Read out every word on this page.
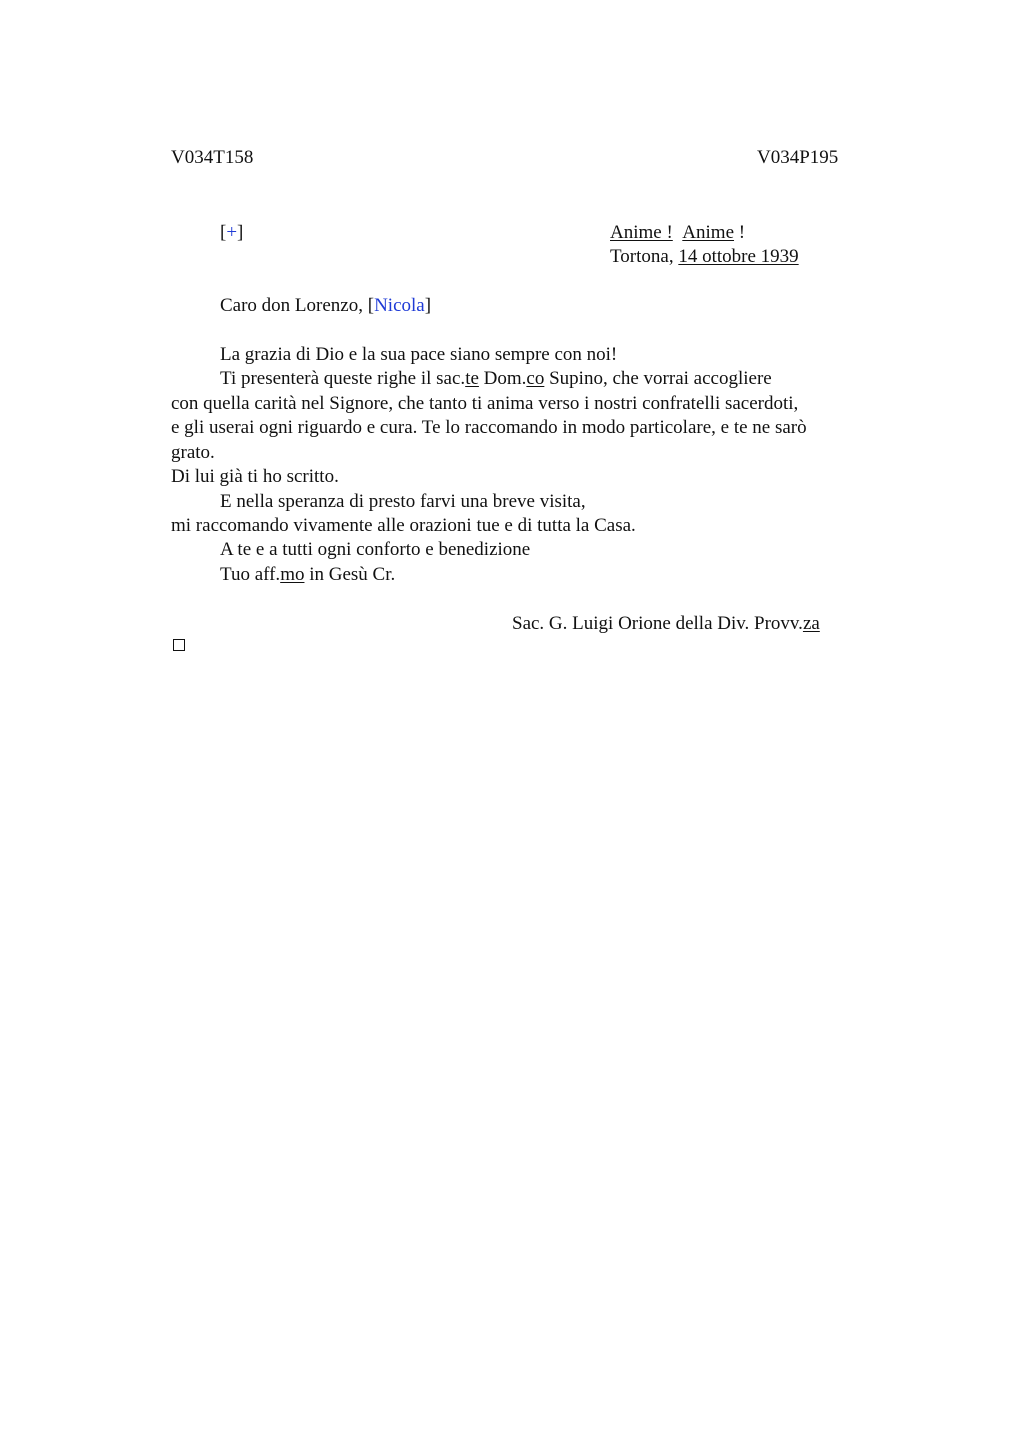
V034T158	V034P195
[+]	Anime ! Anime !
Tortona, 14 ottobre 1939
Caro don Lorenzo, [Nicola]
La grazia di Dio e la sua pace siano sempre con noi!
Ti presenterà queste righe il sac.te Dom.co Supino, che vorrai accogliere
con quella carità nel Signore, che tanto ti anima verso i nostri confratelli sacerdoti,
e gli userai ogni riguardo e cura. Te lo raccomando in modo particolare, e te ne sarò
grato.
Di lui già ti ho scritto.
E nella speranza di presto farvi una breve visita,
mi raccomando vivamente alle orazioni tue e di tutta la Casa.
A te e a tutti ogni conforto e benedizione
Tuo aff.mo in Gesù Cr.
Sac. G. Luigi Orione della Div. Provv.za
